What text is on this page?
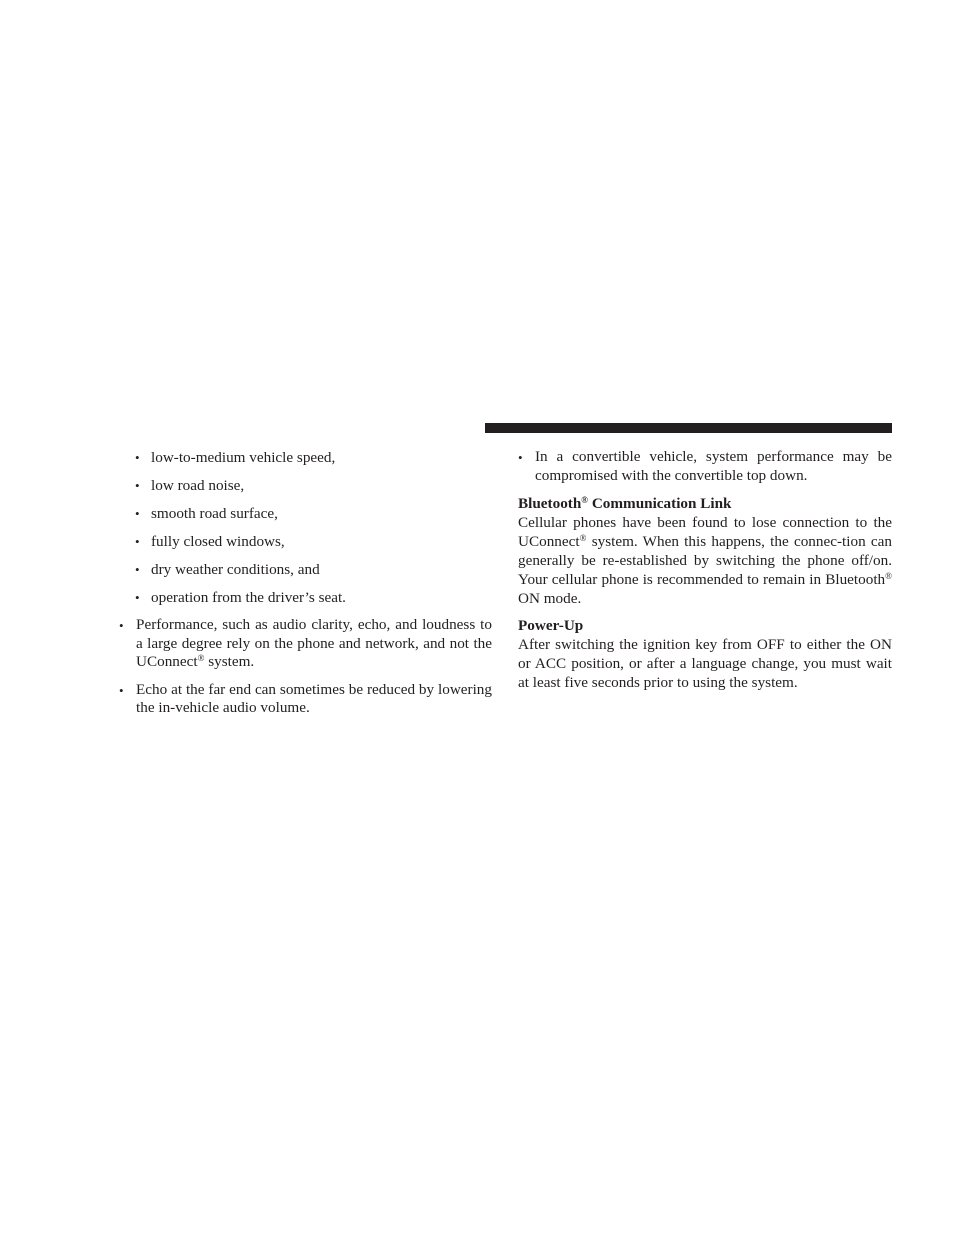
• low-to-medium vehicle speed,
• low road noise,
• smooth road surface,
• fully closed windows,
• dry weather conditions, and
• operation from the driver’s seat.
• Performance, such as audio clarity, echo, and loudness to a large degree rely on the phone and network, and not the UConnect® system.
• Echo at the far end can sometimes be reduced by lowering the in-vehicle audio volume.
• In a convertible vehicle, system performance may be compromised with the convertible top down.

Bluetooth® Communication Link

Cellular phones have been found to lose connection to the UConnect® system. When this happens, the connec-tion can generally be re-established by switching the phone off/on. Your cellular phone is recommended to remain in Bluetooth® ON mode.

Power-Up

After switching the ignition key from OFF to either the ON or ACC position, or after a language change, you must wait at least five seconds prior to using the system.
